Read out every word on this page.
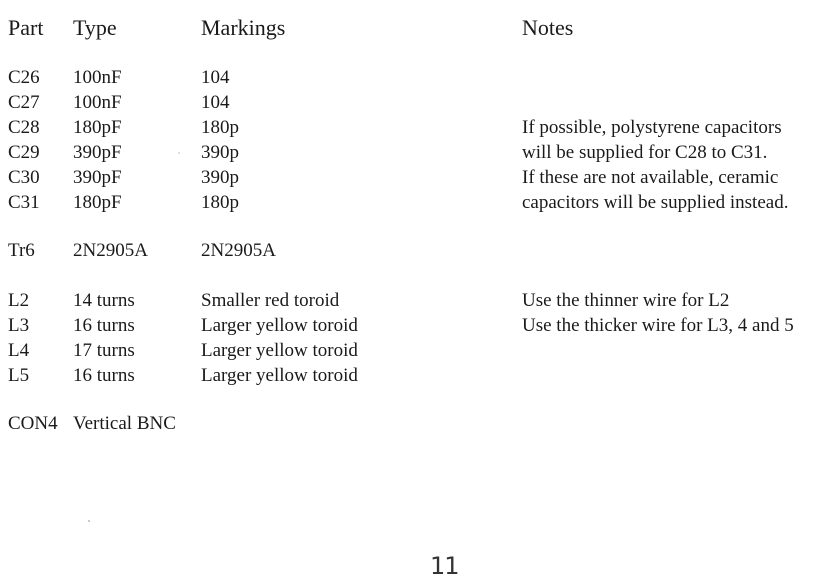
Part Type	Markings	Notes
C26 100nF	104
C27 100nF	104
C28 180pF	180p	If possible, polystyrene capacitors
C29 390pF	390p	will be supplied for C28 to C31.
C30 390pF	390p	If these are not available, ceramic
C31 180pF	180p	capacitors will be supplied instead.
Tr6 2N2905A	2N2905A
L2 14 turns	Smaller red toroid	Use the thinner wire for L2
L3 16 turns	Larger yellow toroid	Use the thicker wire for L3, 4 and 5
L4 17 turns	Larger yellow toroid
L5 16 turns	Larger yellow toroid
CON4 Vertical BNC
11
